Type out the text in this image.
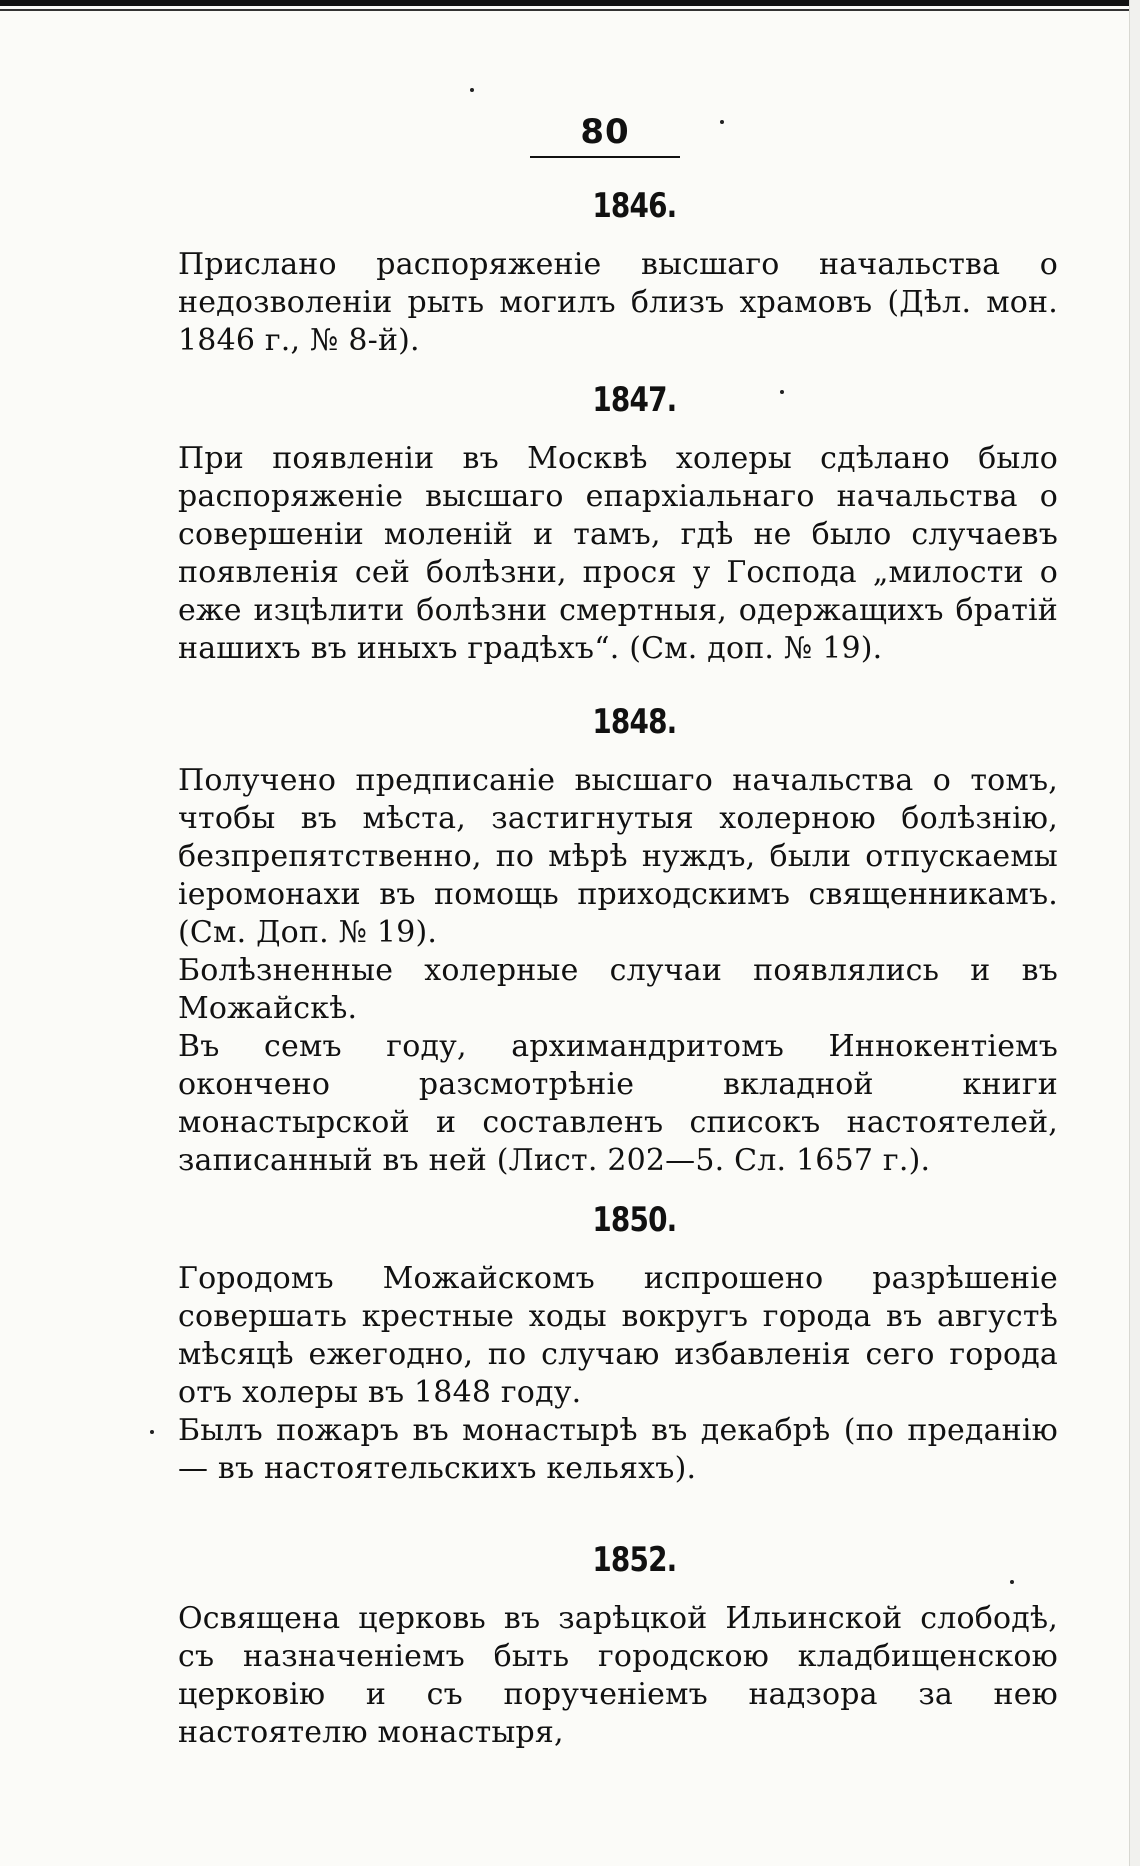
80

1846.

Прислано распоряженіе высшаго начальства о недозволеніи рыть могилъ близъ храмовъ (Дѣл. мон. 1846 г., № 8-й).

1847.

При появленіи въ Москвѣ холеры сдѣлано было распоряженіе высшаго епархіальнаго начальства о совершеніи моленій и тамъ, гдѣ не было случаевъ появленія сей болѣзни, прося у Господа „милости о еже изцѣлити болѣзни смертныя, одержащихъ братій нашихъ въ иныхъ градѣхъ“. (См. доп. № 19).

1848.

Получено предписаніе высшаго начальства о томъ, чтобы въ мѣста, застигнутыя холерною болѣзнію, безпрепятственно, по мѣрѣ нуждъ, были отпускаемы іеромонахи въ помощь приходскимъ священникамъ. (См. Доп. № 19).

Болѣзненные холерные случаи появлялись и въ Можайскѣ.

Въ семъ году, архимандритомъ Иннокентіемъ окончено разсмотрѣніе вкладной книги монастырской и составленъ списокъ настоятелей, записанный въ ней (Лист. 202—5. Сл. 1657 г.).

1850.

Городомъ Можайскомъ испрошено разрѣшеніе совершать крестные ходы вокругъ города въ августѣ мѣсяцѣ ежегодно, по случаю избавленія сего города отъ холеры въ 1848 году.

Былъ пожаръ въ монастырѣ въ декабрѣ (по преданію — въ настоятельскихъ кельяхъ).

1852.

Освящена церковь въ зарѣцкой Ильинской слободѣ, съ назначеніемъ быть городскою кладбищенскою церковію и съ порученіемъ надзора за нею настоятелю монастыря,
